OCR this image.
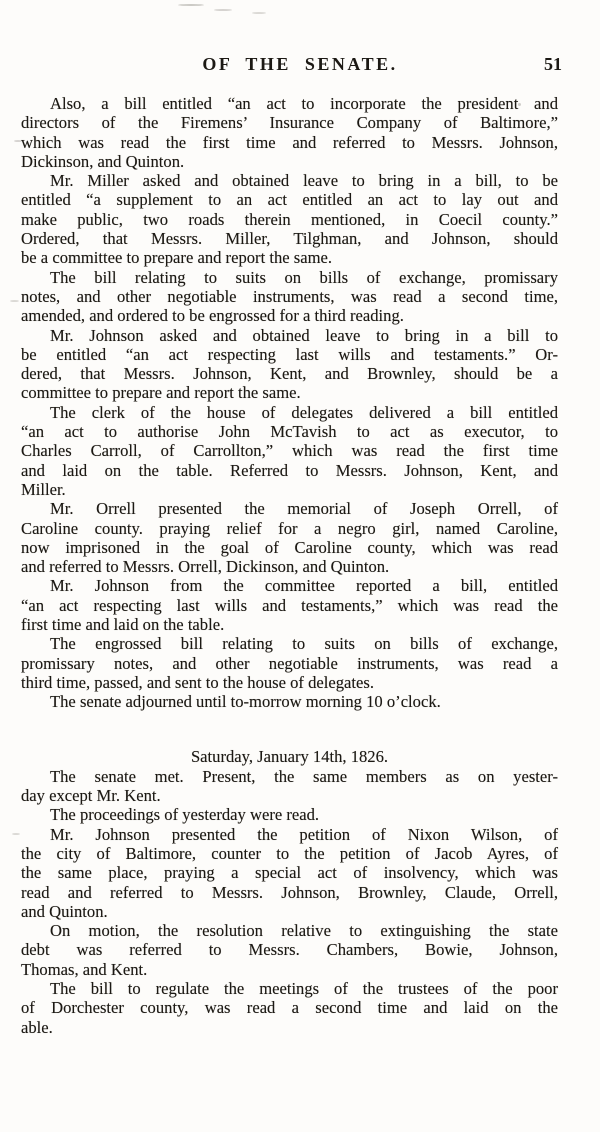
OF THE SENATE.	51
Also, a bill entitled “an act to incorporate the president and
directors of the Firemens’ Insurance Company of Baltimore,”
which was read the first time and referred to Messrs. Johnson,
Dickinson, and Quinton.
Mr. Miller asked and obtained leave to bring in a bill, to be
entitled “a supplement to an act entitled an act to lay out and
make public, two roads therein mentioned, in Coecil county.”
Ordered, that Messrs. Miller, Tilghman, and Johnson, should
be a committee to prepare and report the same.
The bill relating to suits on bills of exchange, promissary
notes, and other negotiable instruments, was read a second time,
amended, and ordered to be engrossed for a third reading.
Mr. Johnson asked and obtained leave to bring in a bill to
be entitled “an act respecting last wills and testaments.” Or-
dered, that Messrs. Johnson, Kent, and Brownley, should be a
committee to prepare and report the same.
The clerk of the house of delegates delivered a bill entitled
“an act to authorise John McTavish to act as executor, to
Charles Carroll, of Carrollton,” which was read the first time
and laid on the table. Referred to Messrs. Johnson, Kent, and
Miller.
Mr. Orrell presented the memorial of Joseph Orrell, of
Caroline county. praying relief for a negro girl, named Caroline,
now imprisoned in the goal of Caroline county, which was read
and referred to Messrs. Orrell, Dickinson, and Quinton.
Mr. Johnson from the committee reported a bill, entitled
“an act respecting last wills and testaments,” which was read the
first time and laid on the table.
The engrossed bill relating to suits on bills of exchange,
promissary notes, and other negotiable instruments, was read a
third time, passed, and sent to the house of delegates.
The senate adjourned until to-morrow morning 10 o’clock.
Saturday, January 14th, 1826.
The senate met. Present, the same members as on yester-
day except Mr. Kent.
The proceedings of yesterday were read.
Mr. Johnson presented the petition of Nixon Wilson, of
the city of Baltimore, counter to the petition of Jacob Ayres, of
the same place, praying a special act of insolvency, which was
read and referred to Messrs. Johnson, Brownley, Claude, Orrell,
and Quinton.
On motion, the resolution relative to extinguishing the state
debt was referred to Messrs. Chambers, Bowie, Johnson,
Thomas, and Kent.
The bill to regulate the meetings of the trustees of the poor
of Dorchester county, was read a second time and laid on the
able.
